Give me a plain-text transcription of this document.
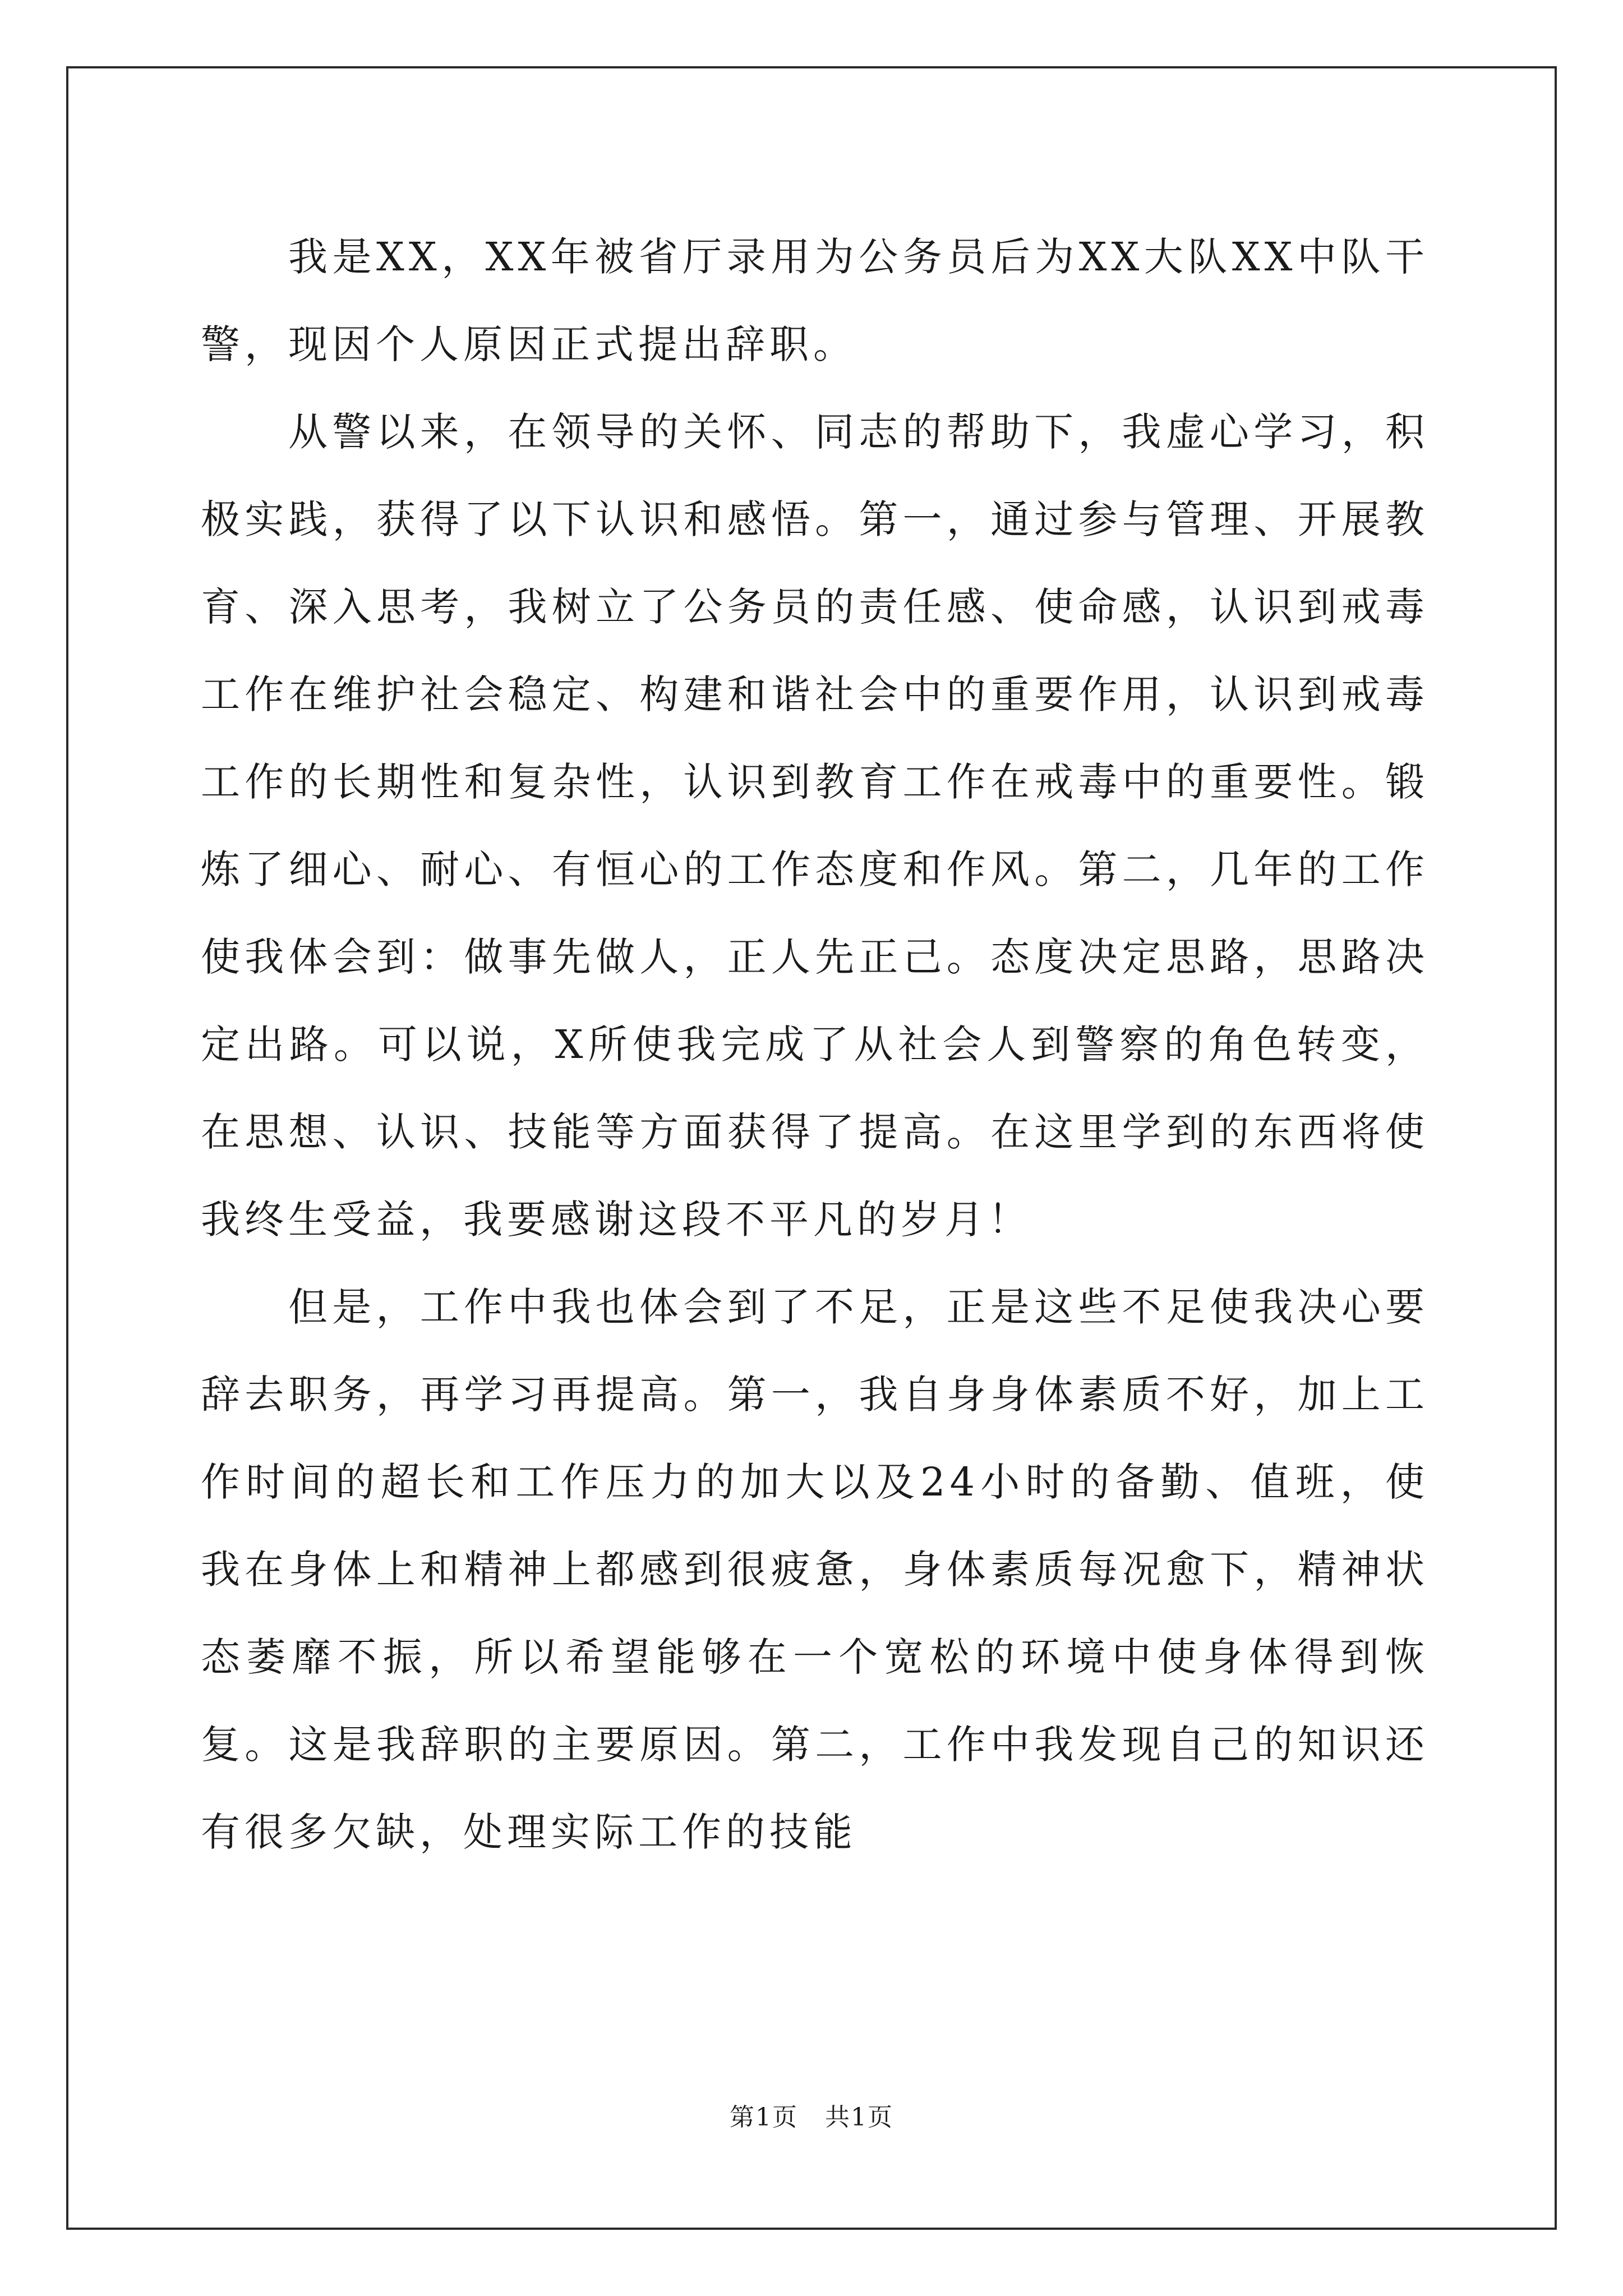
我是XX，XX年被省厅录用为公务员后为XX大队XX中队干警，现因个人原因正式提出辞职。

从警以来，在领导的关怀、同志的帮助下，我虚心学习，积极实践，获得了以下认识和感悟。第一，通过参与管理、开展教育、深入思考，我树立了公务员的责任感、使命感，认识到戒毒工作在维护社会稳定、构建和谐社会中的重要作用，认识到戒毒工作的长期性和复杂性，认识到教育工作在戒毒中的重要性。锻炼了细心、耐心、有恒心的工作态度和作风。第二，几年的工作使我体会到：做事先做人，正人先正己。态度决定思路，思路决定出路。可以说，X所使我完成了从社会人到警察的角色转变，在思想、认识、技能等方面获得了提高。在这里学到的东西将使我终生受益，我要感谢这段不平凡的岁月！

但是，工作中我也体会到了不足，正是这些不足使我决心要辞去职务，再学习再提高。第一，我自身身体素质不好，加上工作时间的超长和工作压力的加大以及24小时的备勤、值班，使我在身体上和精神上都感到很疲惫，身体素质每况愈下，精神状态萎靡不振，所以希望能够在一个宽松的环境中使身体得到恢复。这是我辞职的主要原因。第二，工作中我发现自己的知识还有很多欠缺，处理实际工作的技能

第1页 共1页
